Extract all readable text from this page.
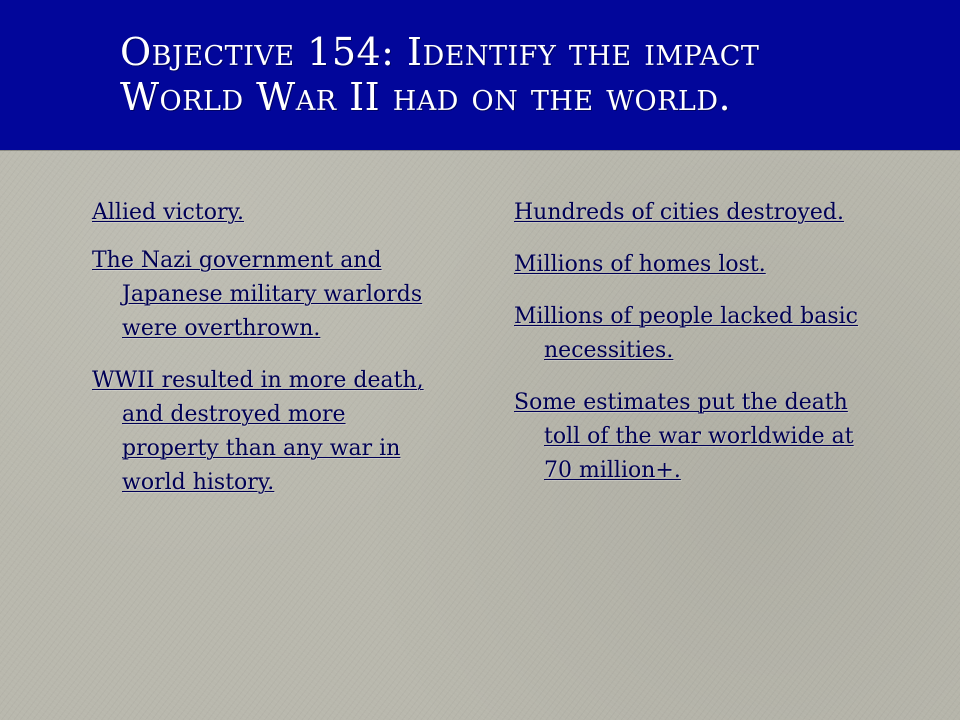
Objective 154: Identify the impact
World War II had on the world.
Allied victory.
The Nazi government and Japanese military warlords were overthrown.
WWII resulted in more death, and destroyed more property than any war in world history.
Hundreds of cities destroyed.
Millions of homes lost.
Millions of people lacked basic necessities.
Some estimates put the death toll of the war worldwide at 70 million+.
